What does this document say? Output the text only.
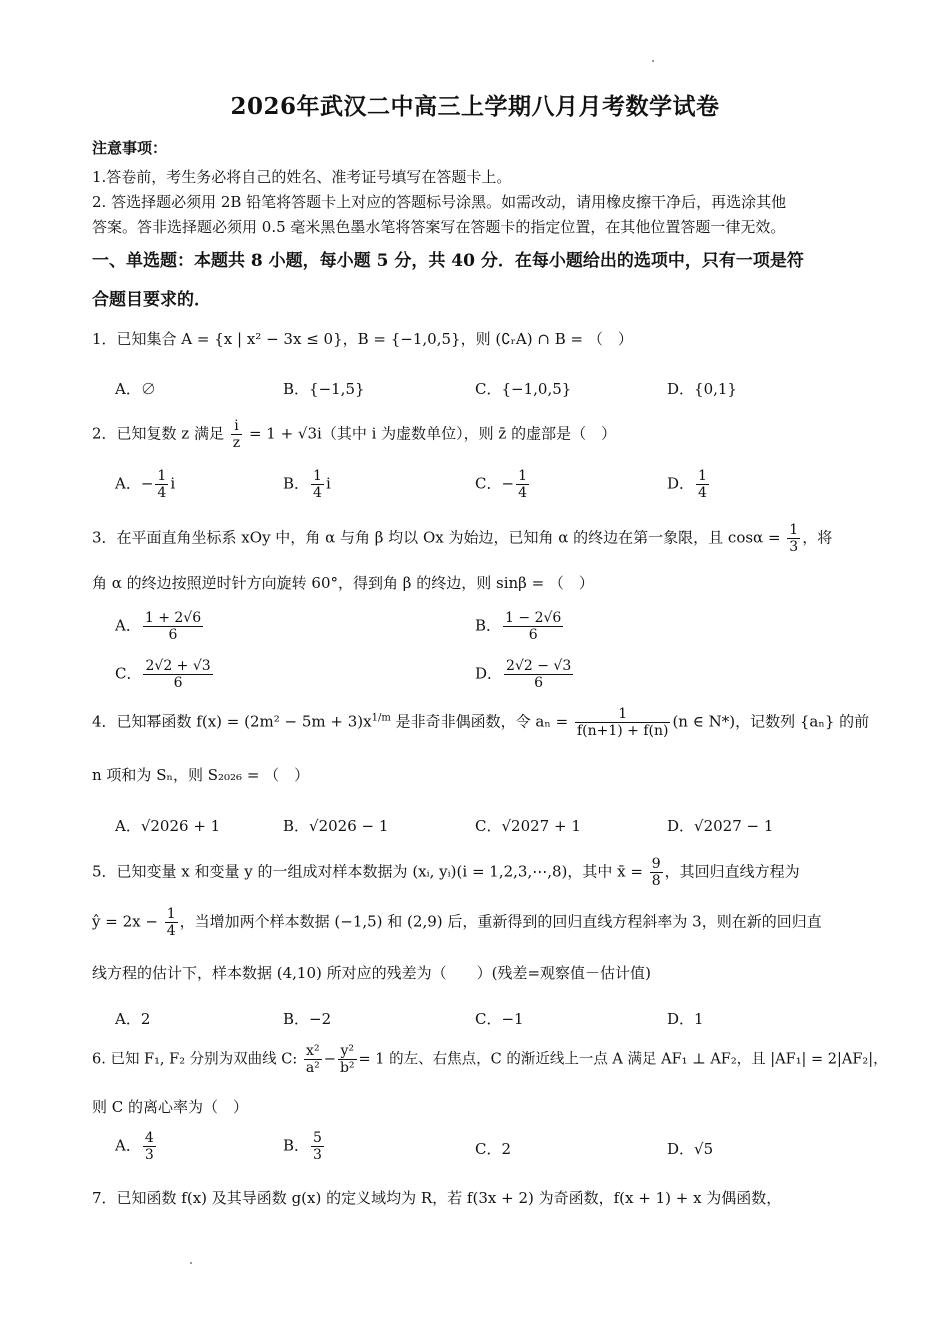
2026年武汉二中高三上学期八月月考数学试卷
注意事项：
1.答卷前，考生务必将自己的姓名、准考证号填写在答题卡上。
2. 答选择题必须用 2B 铅笔将答题卡上对应的答题标号涂黑。如需改动，请用橡皮擦干净后，再选涂其他
答案。答非选择题必须用 0.5 毫米黑色墨水笔将答案写在答题卡的指定位置，在其他位置答题一律无效。
一、单选题：本题共 8 小题，每小题 5 分，共 40 分．在每小题给出的选项中，只有一项是符
合题目要求的．
1．已知集合 A = {x | x² − 3x ≤ 0}，B = {−1,0,5}，则 (∁ᵣA) ∩ B = （　）
A．∅	B．{−1,5}	C．{−1,0,5}	D．{0,1}
2．已知复数 z 满足 $\frac{i}{z} = 1 + √3i$（其中 i 为虚数单位），则 z̄ 的虚部是（　）
A．− $\frac{1}{4}$ i	B． $\frac{1}{4}$ i	C．− $\frac{1}{4}$	D． $\frac{1}{4}$
3．在平面直角坐标系 xOy 中，角 α 与角 β 均以 Ox 为始边，已知角 α 的终边在第一象限，且 $\cos\alpha = \frac{1}{3}$ ，将
角 α 的终边按照逆时针方向旋转 60°，得到角 β 的终边，则 sinβ = （　）
A． $\frac{1 + 2√6}{6}$	B． $\frac{1 - 2√6}{6}$
C． $\frac{2√2 + √3}{6}$	D． $\frac{2√2 - √3}{6}$
4．已知幂函数 $f(x) = (2m^2 - 5m + 3)x^{1/m}$ 是非奇非偶函数，令 $a_n = \frac{1}{f(n+1) + f(n)} (n$ ∈ N*)，记数列 {aₙ} 的前
n 项和为 Sₙ，则 S₂₀₂₆ = （　）
A．√2026 + 1	B．√2026 − 1	C．√2027 + 1	D．√2027 − 1
5．已知变量 x 和变量 y 的一组成对样本数据为 (xᵢ, yᵢ)(i = 1,2,3,⋯,8)，其中 x̄ = $\frac{9}{8}$ ，其回归直线方程为
ŷ = $2x - \frac{1}{4}$ ，当增加两个样本数据 (−1,5) 和 (2,9) 后，重新得到的回归直线方程斜率为 3，则在新的回归直
线方程的估计下，样本数据 (4,10) 所对应的残差为（　　）(残差=观察值－估计值)
A．2	B．−2	C．−1	D．1
6. 已知 F₁, F₂ 分别为双曲线 C: $\frac{\text{x²}}{\text{a²}} - \frac{\text{y²}}{\text{b²}} = 1$ 的左、右焦点，C 的渐近线上一点 A 满足 AF₁ ⊥ AF₂，且 |AF₁| = 2|AF₂|，
则 C 的离心率为（　）
A． $\frac{4}{3}$	B． $\frac{5}{3}$	C．2	D．√5
7．已知函数 f(x) 及其导函数 g(x) 的定义域均为 R，若 f(3x + 2) 为奇函数，f(x + 1) + x 为偶函数，
